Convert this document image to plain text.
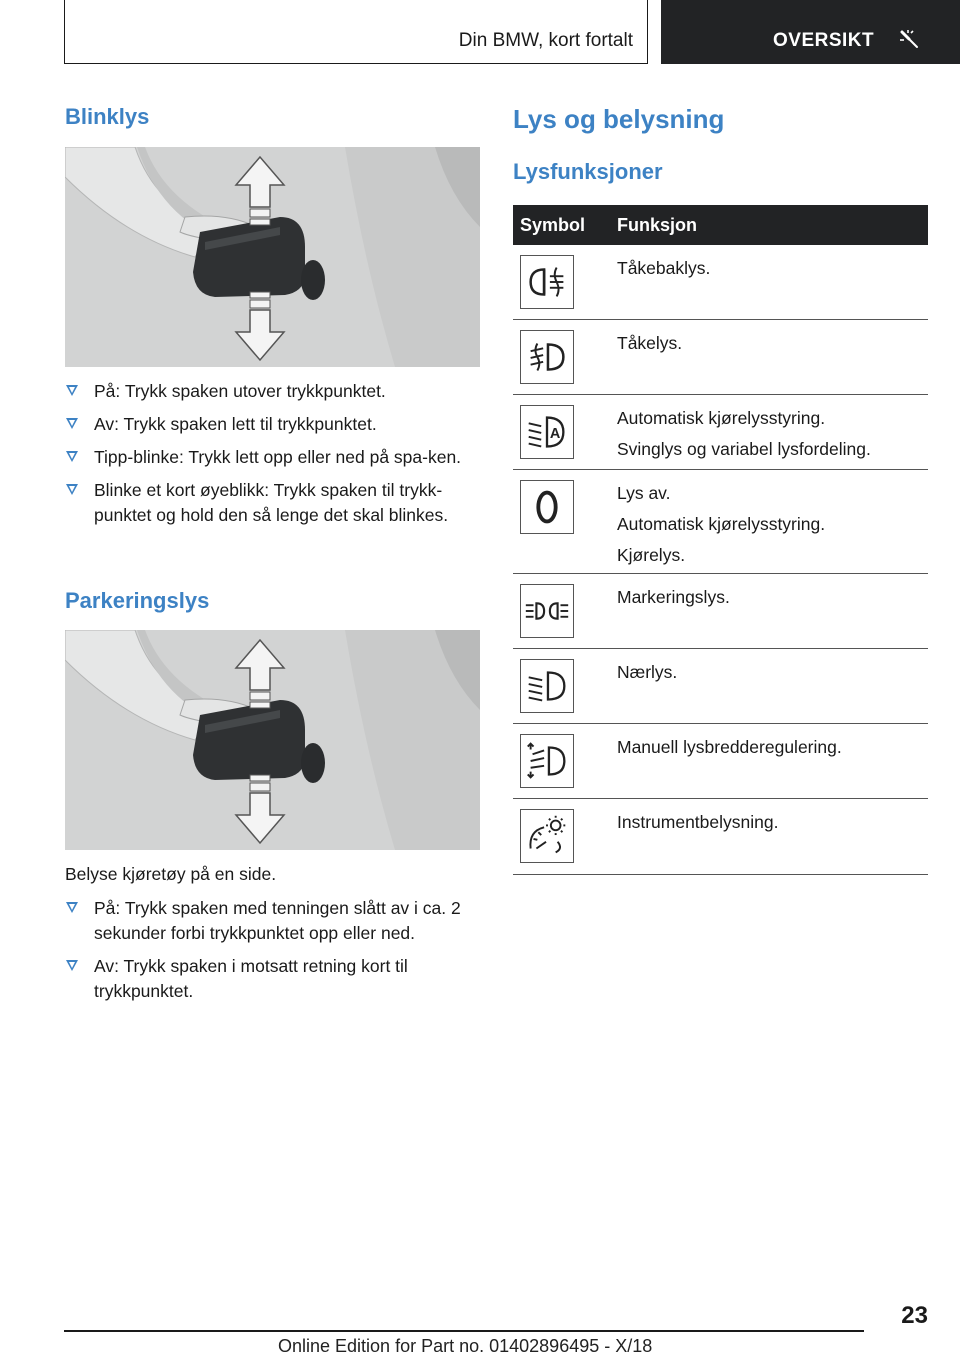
Din BMW, kort fortalt	OVERSIKT
Blinklys
På: Trykk spaken utover trykkpunktet.
Av: Trykk spaken lett til trykkpunktet.
Tipp-blinke: Trykk lett opp eller ned på spa-ken.
Blinke et kort øyeblikk: Trykk spaken til trykk-punktet og hold den så lenge det skal blinkes.
Parkeringslys

Belyse kjøretøy på en side.

På: Trykk spaken med tenningen slått av i ca. 2 sekunder forbi trykkpunktet opp eller ned.
Av: Trykk spaken i motsatt retning kort til trykkpunktet.
Lys og belysning
Lysfunksjoner
Symbol Funksjon
Tåkebaklys.
Tåkelys.
A
Automatisk kjørelysstyring.
Svinglys og variabel lysfordeling.
Lys av.
Automatisk kjørelysstyring.
Kjørelys.
Markeringslys.
Nærlys.
Manuell lysbredderegulering.
Instrumentbelysning.
23
Online Edition for Part no. 01402896495 - X/18
